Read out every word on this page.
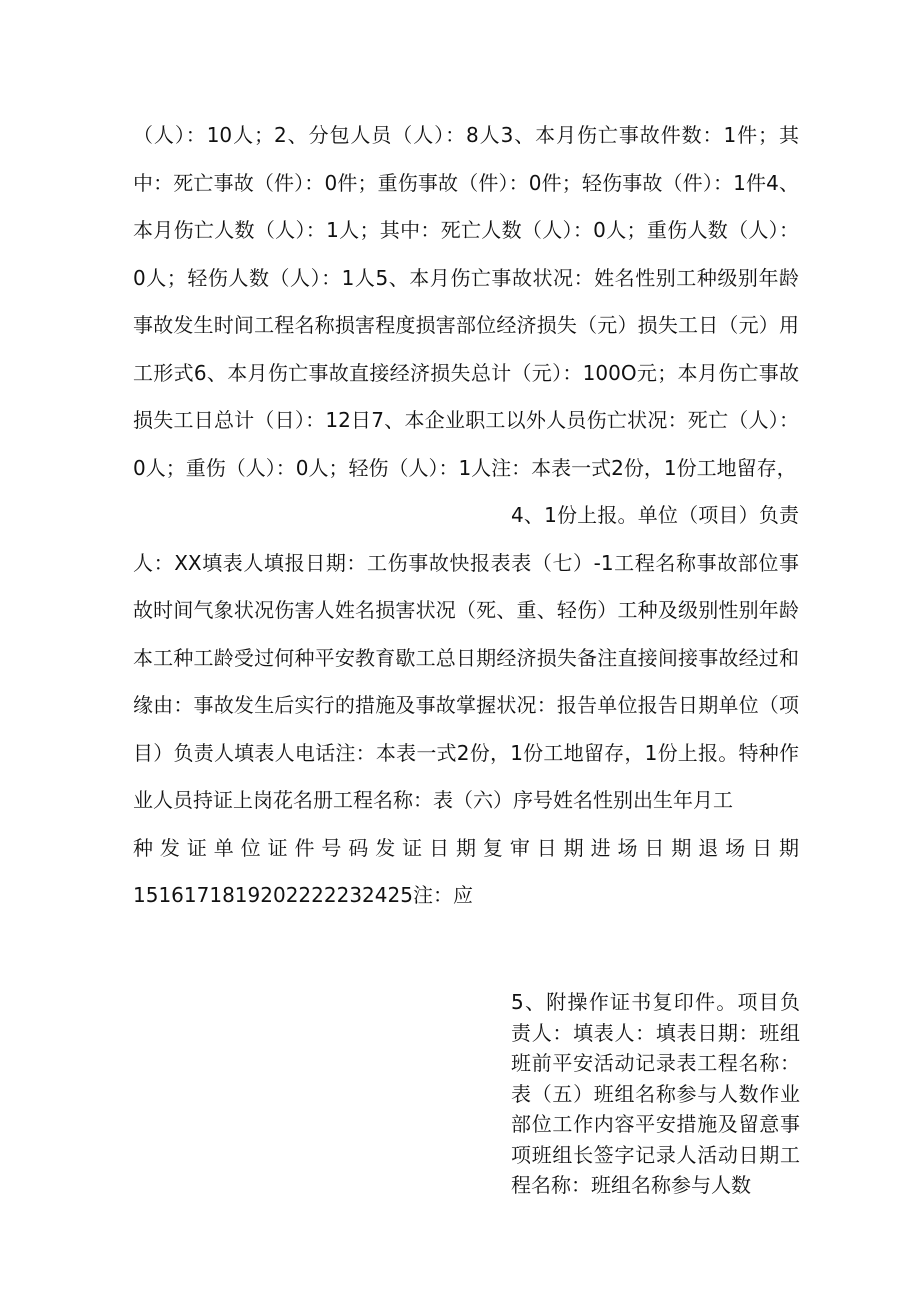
（人）：10人；2、分包人员（人）：8人3、本月伤亡事故件数：1件；其中：死亡事故（件）：0件；重伤事故（件）：0件；轻伤事故（件）：1件4、本月伤亡人数（人）：1人；其中：死亡人数（人）：0人；重伤人数（人）：0人；轻伤人数（人）：1人5、本月伤亡事故状况：姓名性别工种级别年龄事故发生时间工程名称损害程度损害部位经济损失（元）损失工日（元）用工形式6、本月伤亡事故直接经济损失总计（元）：100O元；本月伤亡事故损失工日总计（日）：12日7、本企业职工以外人员伤亡状况：死亡（人）：0人；重伤（人）：0人；轻伤（人）：1人注：本表一式2份，1份工地留存，

4、1份上报。单位（项目）负责人：XX填表人填报日期：工伤事故快报表表（七）-1工程名称事故部位事故时间气象状况伤害人姓名损害状况（死、重、轻伤）工种及级别性别年龄本工种工龄受过何种平安教育歇工总日期经济损失备注直接间接事故经过和缘由：事故发生后实行的措施及事故掌握状况：报告单位报告日期单位（项目）负责人填表人电话注：本表一式2份，1份工地留存，1份上报。特种作业人员持证上岗花名册工程名称：表（六）序号姓名性别出生年月工

种发证单位证件号码发证日期复审日期进场日期退场日期

1516171819202222232425注：应

5、附操作证书复印件。项目负责人：填表人：填表日期：班组班前平安活动记录表工程名称：表（五）班组名称参与人数作业部位工作内容平安措施及留意事项班组长签字记录人活动日期工程名称：班组名称参与人数
